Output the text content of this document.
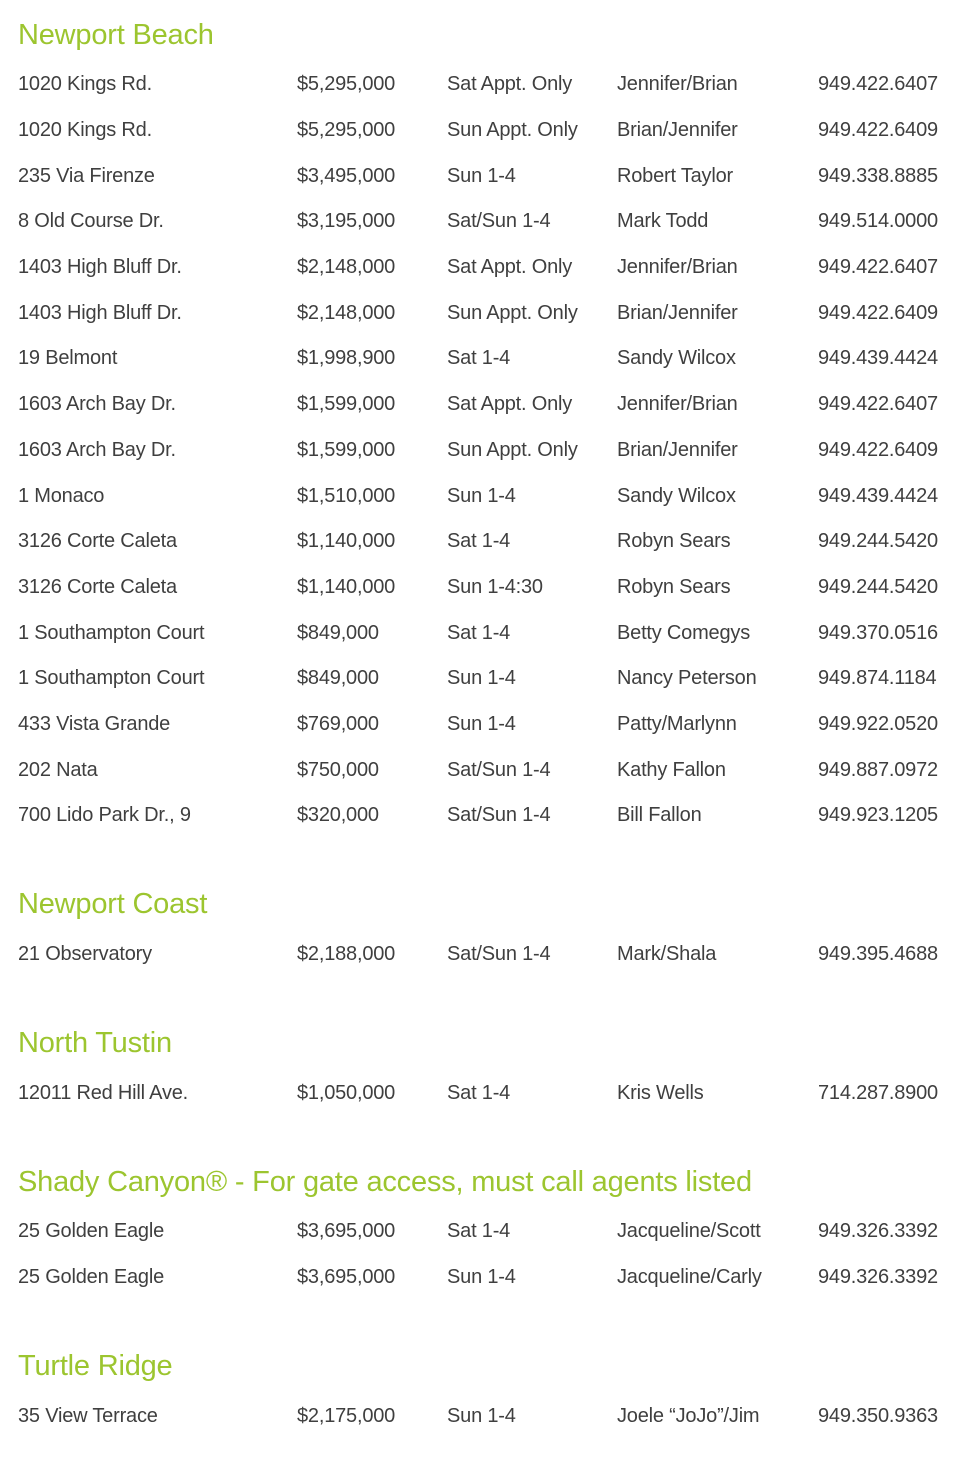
Newport Beach
1020 Kings Rd.	$5,295,000	Sat Appt. Only	Jennifer/Brian	949.422.6407
1020 Kings Rd.	$5,295,000	Sun Appt. Only	Brian/Jennifer	949.422.6409
235 Via Firenze	$3,495,000	Sun 1-4	Robert Taylor	949.338.8885
8 Old Course Dr.	$3,195,000	Sat/Sun 1-4	Mark Todd	949.514.0000
1403 High Bluff Dr.	$2,148,000	Sat Appt. Only	Jennifer/Brian	949.422.6407
1403 High Bluff Dr.	$2,148,000	Sun Appt. Only	Brian/Jennifer	949.422.6409
19 Belmont	$1,998,900	Sat 1-4	Sandy Wilcox	949.439.4424
1603 Arch Bay Dr.	$1,599,000	Sat Appt. Only	Jennifer/Brian	949.422.6407
1603 Arch Bay Dr.	$1,599,000	Sun Appt. Only	Brian/Jennifer	949.422.6409
1 Monaco	$1,510,000	Sun 1-4	Sandy Wilcox	949.439.4424
3126 Corte Caleta	$1,140,000	Sat 1-4	Robyn Sears	949.244.5420
3126 Corte Caleta	$1,140,000	Sun 1-4:30	Robyn Sears	949.244.5420
1 Southampton Court	$849,000	Sat 1-4	Betty Comegys	949.370.0516
1 Southampton Court	$849,000	Sun 1-4	Nancy Peterson	949.874.1184
433 Vista Grande	$769,000	Sun 1-4	Patty/Marlynn	949.922.0520
202 Nata	$750,000	Sat/Sun 1-4	Kathy Fallon	949.887.0972
700 Lido Park Dr., 9	$320,000	Sat/Sun 1-4	Bill Fallon	949.923.1205
Newport Coast
21 Observatory	$2,188,000	Sat/Sun 1-4	Mark/Shala	949.395.4688
North Tustin
12011 Red Hill Ave.	$1,050,000	Sat 1-4	Kris Wells	714.287.8900
Shady Canyon® - For gate access, must call agents listed
25 Golden Eagle	$3,695,000	Sat 1-4	Jacqueline/Scott	949.326.3392
25 Golden Eagle	$3,695,000	Sun 1-4	Jacqueline/Carly	949.326.3392
Turtle Ridge
35 View Terrace	$2,175,000	Sun 1-4	Joele “JoJo”/Jim	949.350.9363
